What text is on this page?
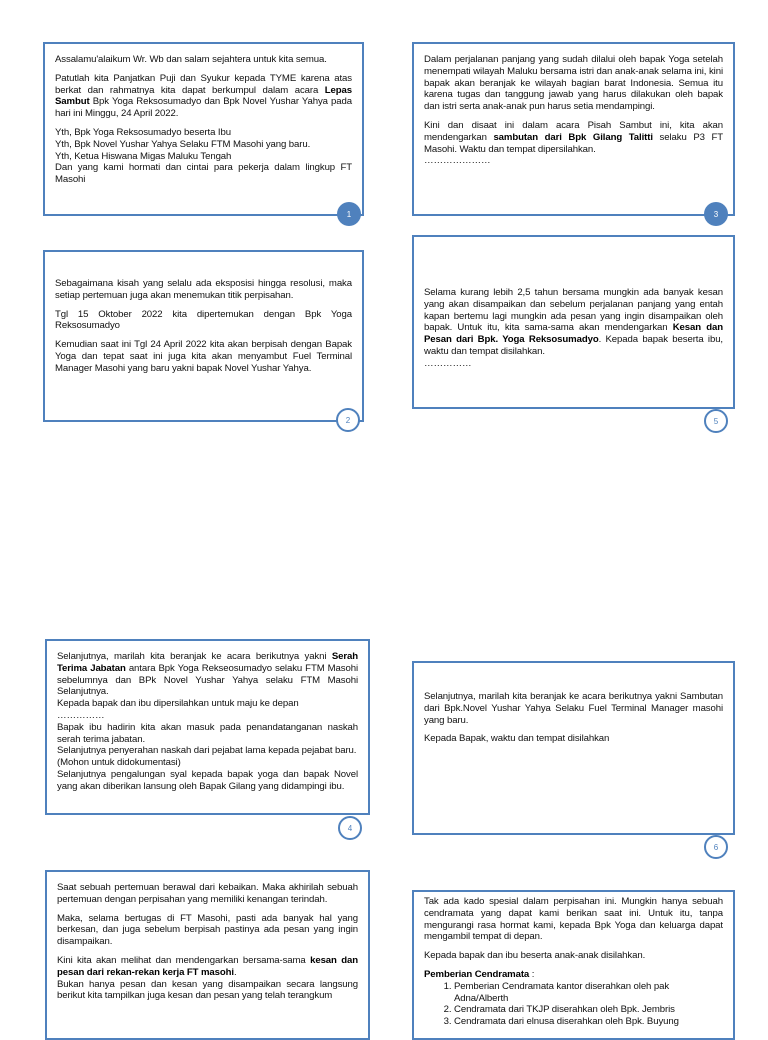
Assalamu'alaikum Wr. Wb dan salam sejahtera untuk kita semua.

Patutlah kita Panjatkan Puji dan Syukur kepada TYME karena atas berkat dan rahmatnya kita dapat berkumpul dalam acara Lepas Sambut Bpk Yoga Reksosumadyo dan Bpk Novel Yushar Yahya pada hari ini Minggu, 24 April 2022.

Yth, Bpk Yoga Reksosumadyo beserta Ibu

Yth, Bpk Novel Yushar Yahya Selaku FTM Masohi yang baru.

Yth, Ketua Hiswana Migas Maluku Tengah

Dan yang kami hormati dan cintai para pekerja dalam lingkup FT Masohi

1

Sebagaimana kisah yang selalu ada eksposisi hingga resolusi, maka setiap pertemuan juga akan menemukan titik perpisahan.

Tgl 15 Oktober 2022 kita dipertemukan dengan Bpk Yoga Reksosumadyo

Kemudian saat ini Tgl 24 April 2022 kita akan berpisah dengan Bapak Yoga dan tepat saat ini juga kita akan menyambut Fuel Terminal Manager Masohi yang baru yakni bapak Novel Yushar Yahya.

2

Dalam perjalanan panjang yang sudah dilalui oleh bapak Yoga setelah menempati wilayah Maluku bersama istri dan anak-anak selama ini, kini bapak akan beranjak ke wilayah bagian barat Indonesia. Semua itu karena tugas dan tanggung jawab yang harus dilakukan oleh bapak dan istri serta anak-anak pun harus setia mendampingi.

Kini dan disaat ini dalam acara Pisah Sambut ini, kita akan mendengarkan sambutan dari Bpk Gilang Talitti selaku P3 FT Masohi. Waktu dan tempat dipersilahkan.

…………………

3

Selama kurang lebih 2,5 tahun bersama mungkin ada banyak kesan yang akan disampaikan dan sebelum perjalanan panjang yang entah kapan bertemu lagi mungkin ada pesan yang ingin disampaikan oleh bapak. Untuk itu, kita sama-sama akan mendengarkan Kesan dan Pesan dari Bpk. Yoga Reksosumadyo. Kepada bapak beserta ibu, waktu dan tempat disilahkan.

……………

5

Selanjutnya, marilah kita beranjak ke acara berikutnya yakni Serah Terima Jabatan antara Bpk Yoga Rekseosumadyo selaku FTM Masohi sebelumnya dan BPk Novel Yushar Yahya selaku FTM Masohi Selanjutnya.

Kepada bapak dan ibu dipersilahkan untuk maju ke depan

……………

Bapak ibu hadirin kita akan masuk pada penandatanganan naskah serah terima jabatan.

Selanjutnya penyerahan naskah dari pejabat lama kepada pejabat baru.

(Mohon untuk didokumentasi)

Selanjutnya pengalungan syal kepada bapak yoga dan bapak Novel yang akan diberikan lansung oleh Bapak Gilang yang didampingi ibu.

4

Selanjutnya, marilah kita beranjak ke acara berikutnya yakni Sambutan dari Bpk.Novel Yushar Yahya Selaku Fuel Terminal Manager masohi yang baru.

Kepada Bapak, waktu dan tempat disilahkan

6

Saat sebuah pertemuan berawal dari kebaikan. Maka akhirilah sebuah pertemuan dengan perpisahan yang memiliki kenangan terindah.

Maka, selama bertugas di FT Masohi, pasti ada banyak hal yang berkesan, dan juga sebelum berpisah pastinya ada pesan yang ingin disampaikan.

Kini kita akan melihat dan mendengarkan bersama-sama kesan dan pesan dari rekan-rekan kerja FT masohi.

Bukan hanya pesan dan kesan yang disampaikan secara langsung berikut kita tampilkan juga kesan dan pesan yang telah terangkum

Tak ada kado spesial dalam perpisahan ini. Mungkin hanya sebuah cendramata yang dapat kami berikan saat ini. Untuk itu, tanpa mengurangi rasa hormat kami, kepada Bpk Yoga dan keluarga dapat mengambil tempat di depan.

Kepada bapak dan ibu beserta anak-anak disilahkan.

Pemberian Cendramata :

1. Pemberian Cendramata kantor diserahkan oleh pak Adna/Alberth
2. Cendramata dari TKJP diserahkan oleh Bpk. Jembris
3. Cendramata dari elnusa diserahkan oleh Bpk. Buyung
